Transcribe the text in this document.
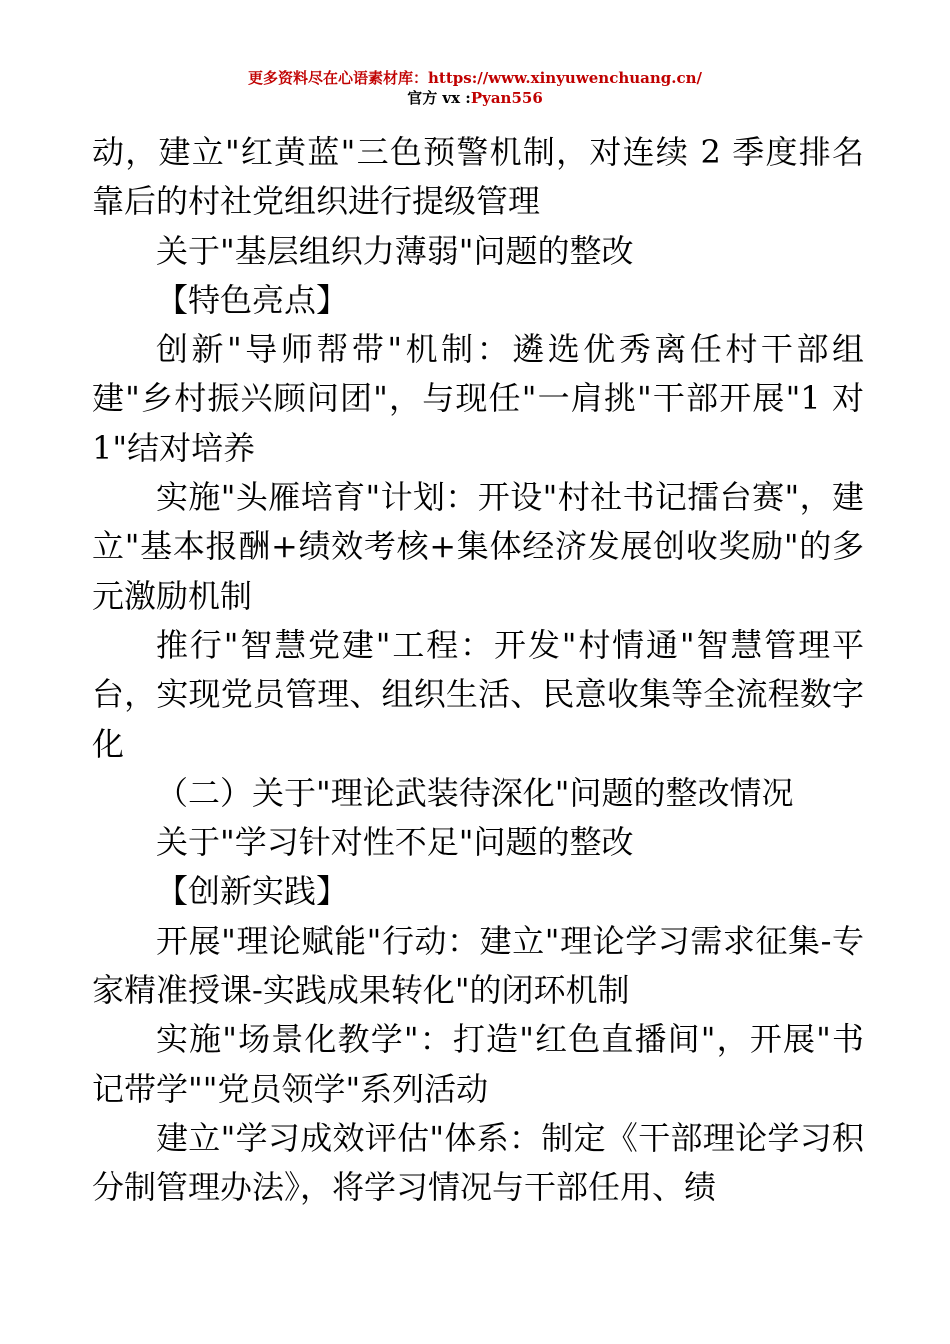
更多资料尽在心语素材库：https://www.xinyuwenchuang.cn/
官方 vx :Pyan556

动，建立"红黄蓝"三色预警机制，对连续 2 季度排名靠后的村社党组织进行提级管理

关于"基层组织力薄弱"问题的整改

【特色亮点】

创新"导师帮带"机制：遴选优秀离任村干部组建"乡村振兴顾问团"，与现任"一肩挑"干部开展"1 对 1"结对培养

实施"头雁培育"计划：开设"村社书记擂台赛"，建立"基本报酬+绩效考核+集体经济发展创收奖励"的多元激励机制

推行"智慧党建"工程：开发"村情通"智慧管理平台，实现党员管理、组织生活、民意收集等全流程数字化

（二）关于"理论武装待深化"问题的整改情况

关于"学习针对性不足"问题的整改

【创新实践】

开展"理论赋能"行动：建立"理论学习需求征集-专家精准授课-实践成果转化"的闭环机制

实施"场景化教学"：打造"红色直播间"，开展"书记带学""党员领学"系列活动

建立"学习成效评估"体系：制定《干部理论学习积分制管理办法》，将学习情况与干部任用、绩
